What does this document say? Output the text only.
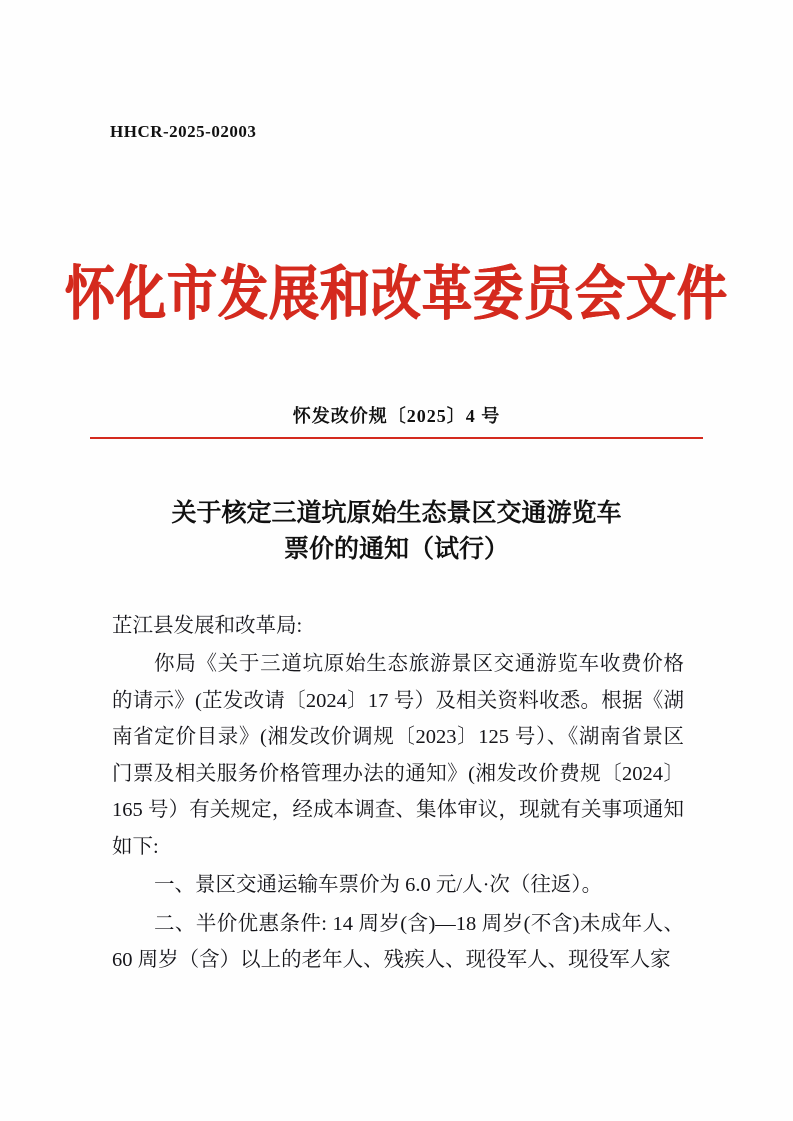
HHCR-2025-02003
怀化市发展和改革委员会文件
怀发改价规〔2025〕4 号
关于核定三道坑原始生态景区交通游览车
票价的通知（试行）

芷江县发展和改革局:

你局《关于三道坑原始生态旅游景区交通游览车收费价格的请示》(芷发改请〔2024〕17 号）及相关资料收悉。根据《湖南省定价目录》(湘发改价调规〔2023〕125 号）、《湖南省景区门票及相关服务价格管理办法的通知》(湘发改价费规〔2024〕165 号）有关规定，经成本调查、集体审议，现就有关事项通知如下:

一、景区交通运输车票价为 6.0 元/人·次（往返）。

二、半价优惠条件: 14 周岁(含)—18 周岁(不含)未成年人、60 周岁（含）以上的老年人、残疾人、现役军人、现役军人家
